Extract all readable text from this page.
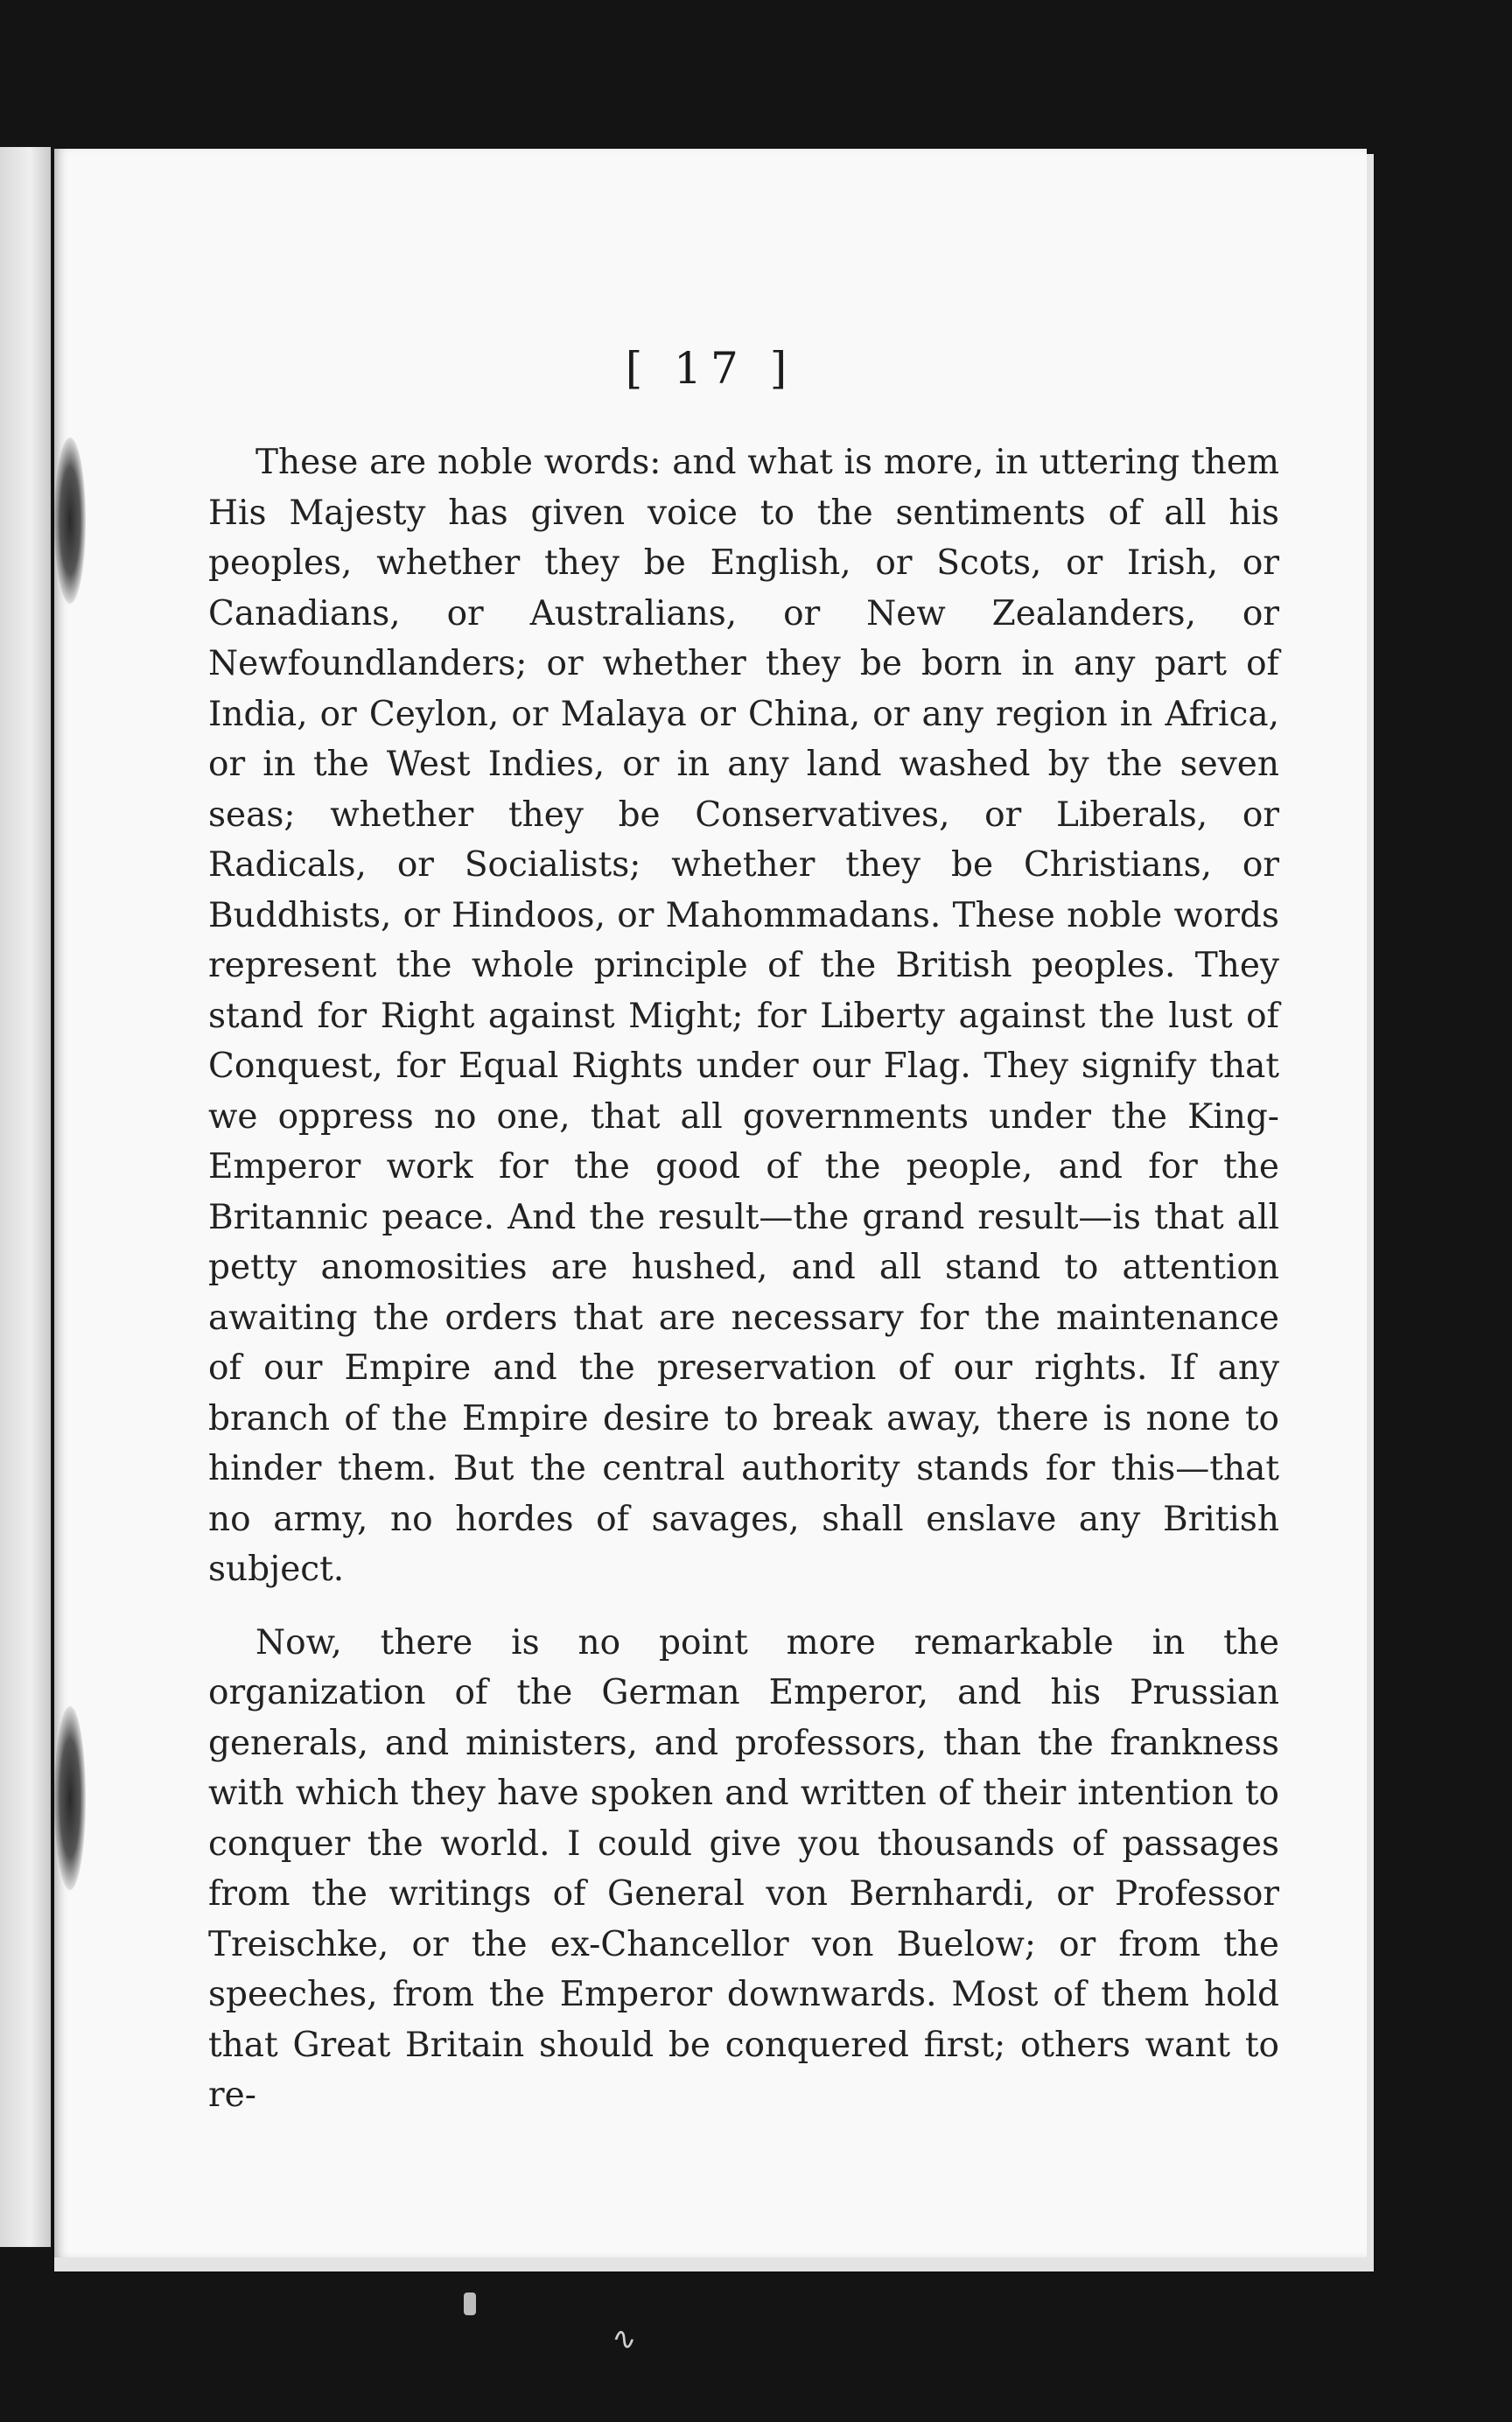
[ 17 ]

These are noble words: and what is more, in uttering them His Majesty has given voice to the sentiments of all his peoples, whether they be English, or Scots, or Irish, or Canadians, or Australians, or New Zealanders, or Newfoundlanders; or whether they be born in any part of India, or Ceylon, or Malaya or China, or any region in Africa, or in the West Indies, or in any land washed by the seven seas; whether they be Conservatives, or Liberals, or Radicals, or Socialists; whether they be Christians, or Buddhists, or Hindoos, or Mahommadans. These noble words represent the whole principle of the British peoples. They stand for Right against Might; for Liberty against the lust of Conquest, for Equal Rights under our Flag. They signify that we oppress no one, that all governments under the King-Emperor work for the good of the people, and for the Britannic peace. And the result—the grand result—is that all petty anomosities are hushed, and all stand to attention awaiting the orders that are necessary for the maintenance of our Empire and the preservation of our rights. If any branch of the Empire desire to break away, there is none to hinder them. But the central authority stands for this—that no army, no hordes of savages, shall enslave any British subject.

Now, there is no point more remarkable in the organization of the German Emperor, and his Prussian generals, and ministers, and professors, than the frankness with which they have spoken and written of their intention to conquer the world. I could give you thousands of passages from the writings of General von Bernhardi, or Professor Treischke, or the ex-Chancellor von Buelow; or from the speeches, from the Emperor downwards. Most of them hold that Great Britain should be conquered first; others want to re-

∿
